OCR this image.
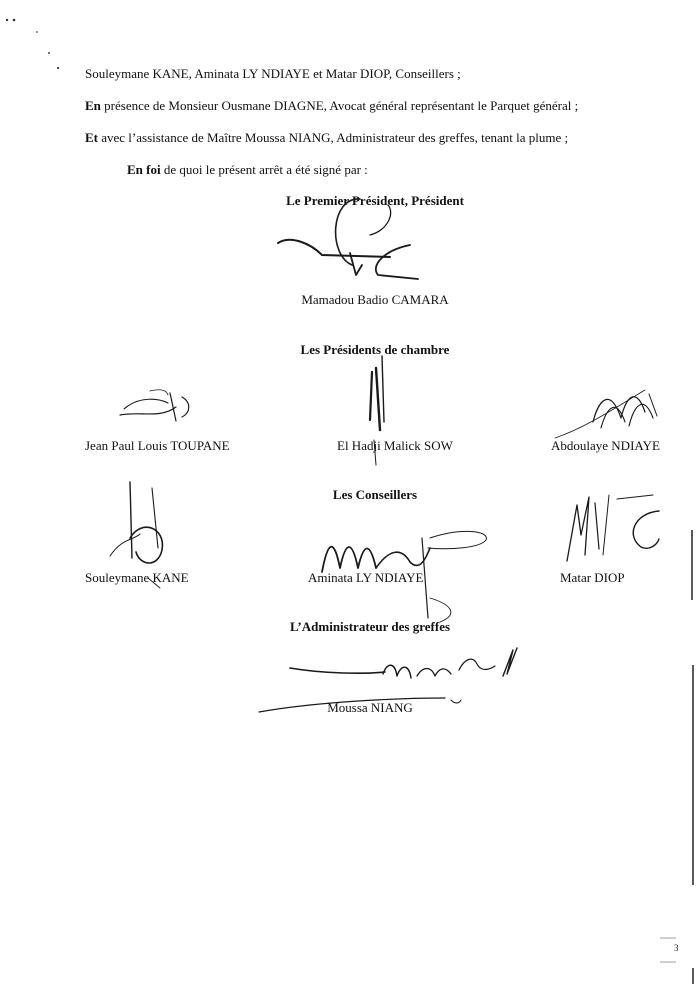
Souleymane KANE, Aminata LY NDIAYE et Matar DIOP, Conseillers ;
En présence de Monsieur Ousmane DIAGNE, Avocat général représentant le Parquet général ;
Et avec l’assistance de Maître Moussa NIANG, Administrateur des greffes, tenant la plume ;
En foi de quoi le présent arrêt a été signé par :
Le Premier Président, Président
Mamadou Badio CAMARA
Les Présidents de chambre
Jean Paul Louis TOUPANE	El Hadji Malick SOW	Abdoulaye NDIAYE
Les Conseillers
Souleymane KANE	Aminata LY NDIAYE	Matar DIOP
L’Administrateur des greffes
Moussa NIANG
3
